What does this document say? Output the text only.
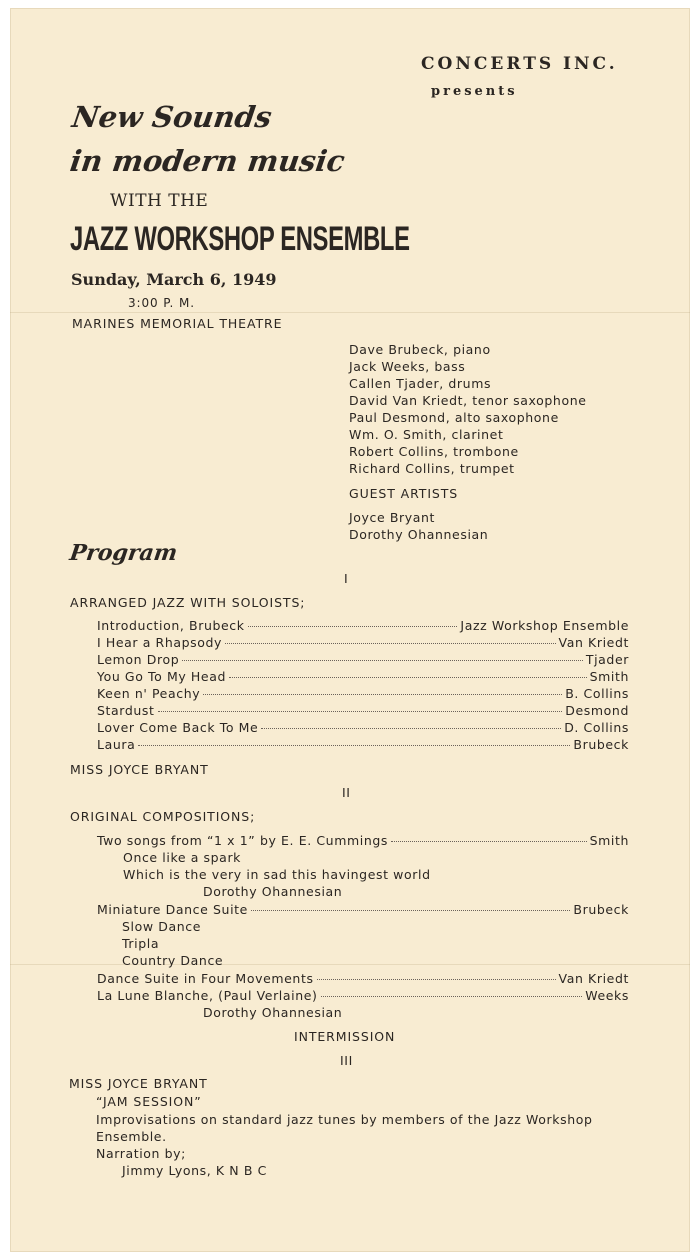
CONCERTS INC.
presents
New Sounds
in modern music
WITH THE
JAZZ WORKSHOP ENSEMBLE
Sunday, March 6, 1949
3:00 P. M.
MARINES MEMORIAL THEATRE
Dave Brubeck, piano
Jack Weeks, bass
Callen Tjader, drums
David Van Kriedt, tenor saxophone
Paul Desmond, alto saxophone
Wm. O. Smith, clarinet
Robert Collins, trombone
Richard Collins, trumpet
GUEST ARTISTS
Joyce Bryant
Dorothy Ohannesian
Program
I
ARRANGED JAZZ WITH SOLOISTS;
Introduction, Brubeck	Jazz Workshop Ensemble
I Hear a Rhapsody	Van Kriedt
Lemon Drop	Tjader
You Go To My Head	Smith
Keen n' Peachy	B. Collins
Stardust	Desmond
Lover Come Back To Me	D. Collins
Laura	Brubeck
MISS JOYCE BRYANT
II
ORIGINAL COMPOSITIONS;
Two songs from “1 x 1” by E. E. Cummings	Smith
Once like a spark
Which is the very in sad this havingest world
Dorothy Ohannesian
Miniature Dance Suite	Brubeck
Slow Dance
Tripla
Country Dance
Dance Suite in Four Movements	Van Kriedt
La Lune Blanche, (Paul Verlaine)	Weeks
Dorothy Ohannesian
INTERMISSION
III
MISS JOYCE BRYANT
“JAM SESSION”
Improvisations on standard jazz tunes by members of the Jazz Workshop
Ensemble.
Narration by;
Jimmy Lyons, K N B C
